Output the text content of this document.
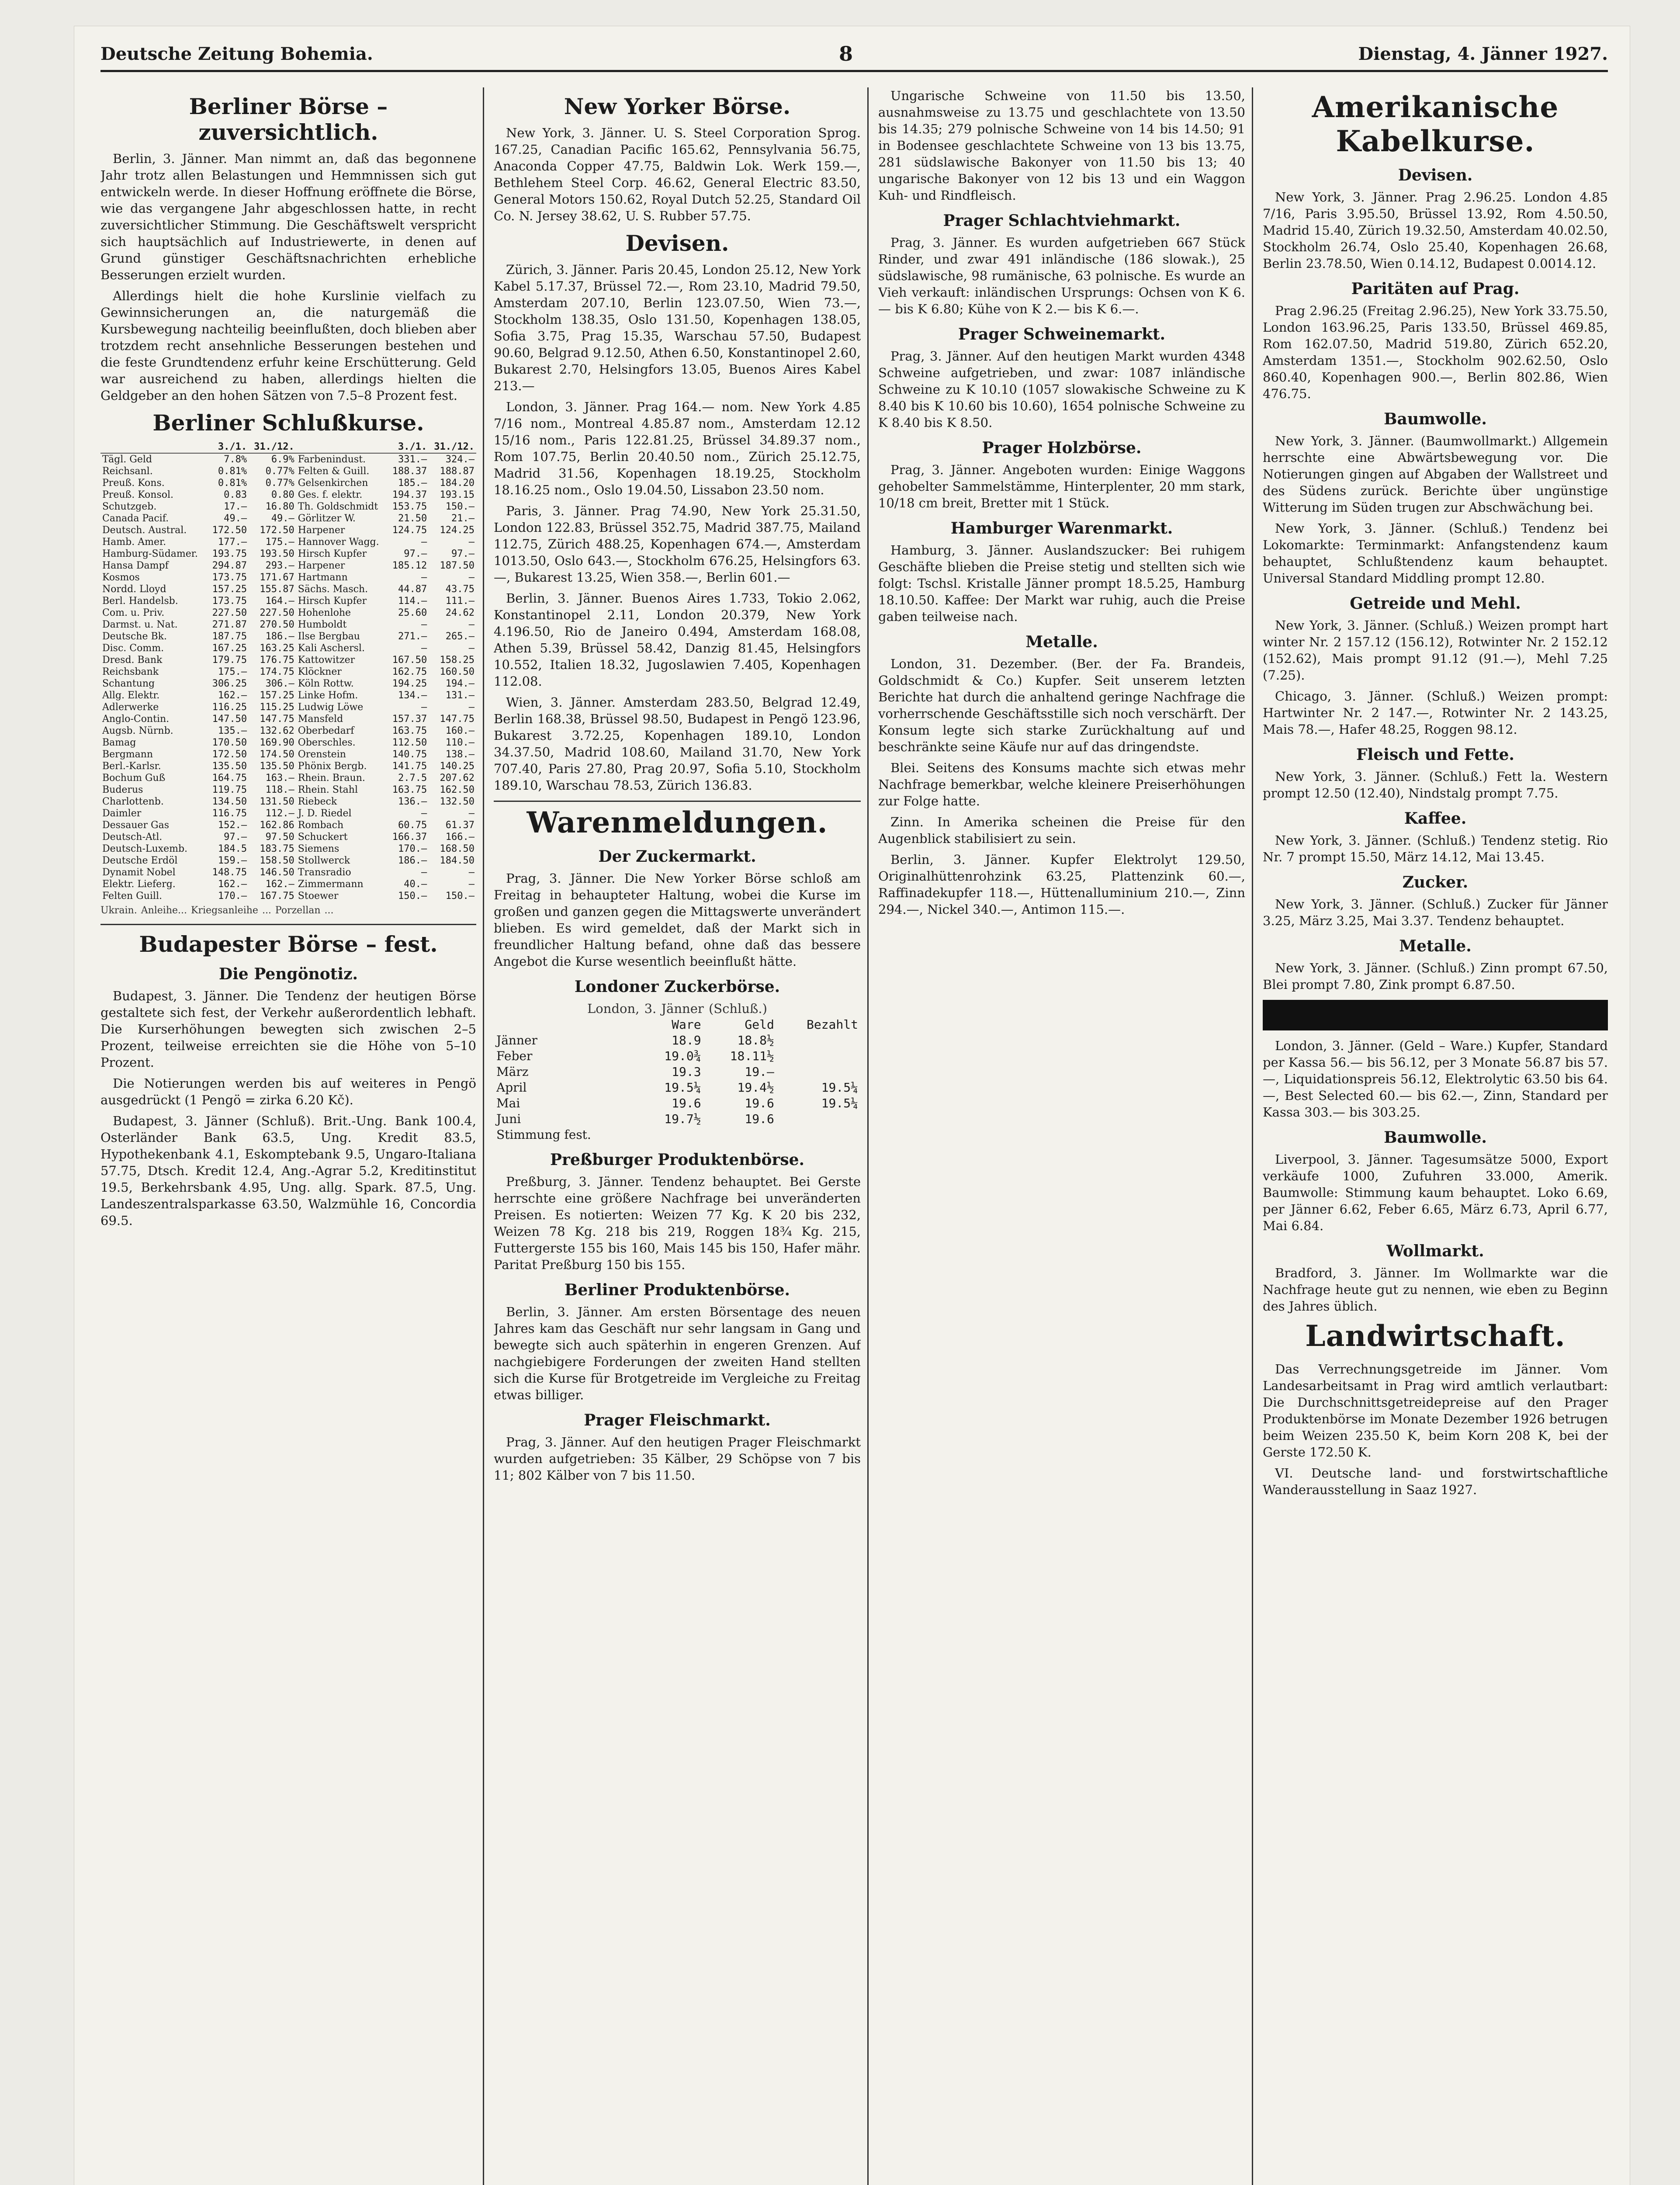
Deutsche Zeitung Bohemia.	8	Dienstag, 4. Jänner 1927.
Berliner Börse – zuversichtlich.

Berlin, 3. Jänner. Man nimmt an, daß das begonnene Jahr trotz allen Belastungen und Hemmnissen sich gut entwickeln werde. In dieser Hoffnung eröffnete die Börse, wie das vergangene Jahr abgeschlossen hatte, in recht zuversichtlicher Stimmung. Die Geschäftswelt verspricht sich hauptsächlich auf Industriewerte, in denen auf Grund günstiger Geschäftsnachrichten erhebliche Besserungen erzielt wurden.

Allerdings hielt die hohe Kurslinie vielfach zu Gewinnsicherungen an, die naturgemäß die Kursbewegung nachteilig beeinflußten, doch blieben aber trotzdem recht ansehnliche Besserungen bestehen und die feste Grundtendenz erfuhr keine Erschütterung. Geld war ausreichend zu haben, allerdings hielten die Geldgeber an den hohen Sätzen von 7.5–8 Prozent fest.

Berliner Schlußkurse.
	3./1.	31./12.		3./1.	31./12.
Tägl. Geld	7.8%	6.9%	Farbenindust.	331.—	324.—
Reichsanl.	0.81%	0.77%	Felten & Guill.	188.37	188.87
Preuß. Kons.	0.81%	0.77%	Gelsenkirchen	185.—	184.20
Preuß. Konsol.	0.83	0.80	Ges. f. elektr.	194.37	193.15
Schutzgeb.	17.—	16.80	Th. Goldschmidt	153.75	150.—
Canada Pacif.	49.—	49.—	Görlitzer W.	21.50	21.—
Deutsch. Austral.	172.50	172.50	Harpener	124.75	124.25
Hamb. Amer.	177.—	175.—	Hannover Wagg.	—	—
Hamburg-Südamer.	193.75	193.50	Hirsch Kupfer	97.—	97.—
Hansa Dampf	294.87	293.—	Harpener	185.12	187.50
Kosmos	173.75	171.67	Hartmann	—	—
Nordd. Lloyd	157.25	155.87	Sächs. Masch.	44.87	43.75
Berl. Handelsb.	173.75	164.—	Hirsch Kupfer	114.—	111.—
Com. u. Priv.	227.50	227.50	Hohenlohe	25.60	24.62
Darmst. u. Nat.	271.87	270.50	Humboldt	—	—
Deutsche Bk.	187.75	186.—	Ilse Bergbau	271.—	265.—
Disc. Comm.	167.25	163.25	Kali Aschersl.	—	—
Dresd. Bank	179.75	176.75	Kattowitzer	167.50	158.25
Reichsbank	175.—	174.75	Klöckner	162.75	160.50
Schantung	306.25	306.—	Köln Rottw.	194.25	194.—
Allg. Elektr.	162.—	157.25	Linke Hofm.	134.—	131.—
Adlerwerke	116.25	115.25	Ludwig Löwe	—	—
Anglo-Contin.	147.50	147.75	Mansfeld	157.37	147.75
Augsb. Nürnb.	135.—	132.62	Oberbedarf	163.75	160.—
Bamag	170.50	169.90	Oberschles.	112.50	110.—
Bergmann	172.50	174.50	Orenstein	140.75	138.—
Berl.-Karlsr.	135.50	135.50	Phönix Bergb.	141.75	140.25
Bochum Guß	164.75	163.—	Rhein. Braun.	2.7.5	207.62
Buderus	119.75	118.—	Rhein. Stahl	163.75	162.50
Charlottenb.	134.50	131.50	Riebeck	136.—	132.50
Daimler	116.75	112.—	J. D. Riedel	—	—
Dessauer Gas	152.—	162.86	Rombach	60.75	61.37
Deutsch-Atl.	97.—	97.50	Schuckert	166.37	166.—
Deutsch-Luxemb.	184.5	183.75	Siemens	170.—	168.50
Deutsche Erdöl	159.—	158.50	Stollwerck	186.—	184.50
Dynamit Nobel	148.75	146.50	Transradio	—	—
Elektr. Lieferg.	162.—	162.—	Zimmermann	40.—	—
Felten Guill.	170.—	167.75	Stoewer	150.—	150.—
Ukrain. Anleihe... Kriegsanleihe ... Porzellan ...
Budapester Börse – fest.
Die Pengönotiz.

Budapest, 3. Jänner. Die Tendenz der heutigen Börse gestaltete sich fest, der Verkehr außerordentlich lebhaft. Die Kurserhöhungen bewegten sich zwischen 2–5 Prozent, teilweise erreichten sie die Höhe von 5–10 Prozent.

Die Notierungen werden bis auf weiteres in Pengö ausgedrückt (1 Pengö = zirka 6.20 Kč).

Budapest, 3. Jänner (Schluß). Brit.-Ung. Bank 100.4, Osterländer Bank 63.5, Ung. Kredit 83.5, Hypothekenbank 4.1, Eskomptebank 9.5, Ungaro-Italiana 57.75, Dtsch. Kredit 12.4, Ang.-Agrar 5.2, Kreditinstitut 19.5, Berkehrsbank 4.95, Ung. allg. Spark. 87.5, Ung. Landeszentralsparkasse 63.50, Walzmühle 16, Concordia 69.5.

New Yorker Börse.

New York, 3. Jänner. U. S. Steel Corporation Sprog. 167.25, Canadian Pacific 165.62, Pennsylvania 56.75, Anaconda Copper 47.75, Baldwin Lok. Werk 159.—, Bethlehem Steel Corp. 46.62, General Electric 83.50, General Motors 150.62, Royal Dutch 52.25, Standard Oil Co. N. Jersey 38.62, U. S. Rubber 57.75.

Devisen.

Zürich, 3. Jänner. Paris 20.45, London 25.12, New York Kabel 5.17.37, Brüssel 72.—, Rom 23.10, Madrid 79.50, Amsterdam 207.10, Berlin 123.07.50, Wien 73.—, Stockholm 138.35, Oslo 131.50, Kopenhagen 138.05, Sofia 3.75, Prag 15.35, Warschau 57.50, Budapest 90.60, Belgrad 9.12.50, Athen 6.50, Konstantinopel 2.60, Bukarest 2.70, Helsingfors 13.05, Buenos Aires Kabel 213.—

London, 3. Jänner. Prag 164.— nom. New York 4.85 7/16 nom., Montreal 4.85.87 nom., Amsterdam 12.12 15/16 nom., Paris 122.81.25, Brüssel 34.89.37 nom., Rom 107.75, Berlin 20.40.50 nom., Zürich 25.12.75, Madrid 31.56, Kopenhagen 18.19.25, Stockholm 18.16.25 nom., Oslo 19.04.50, Lissabon 23.50 nom.

Paris, 3. Jänner. Prag 74.90, New York 25.31.50, London 122.83, Brüssel 352.75, Madrid 387.75, Mailand 112.75, Zürich 488.25, Kopenhagen 674.—, Amsterdam 1013.50, Oslo 643.—, Stockholm 676.25, Helsingfors 63.—, Bukarest 13.25, Wien 358.—, Berlin 601.—

Berlin, 3. Jänner. Buenos Aires 1.733, Tokio 2.062, Konstantinopel 2.11, London 20.379, New York 4.196.50, Rio de Janeiro 0.494, Amsterdam 168.08, Athen 5.39, Brüssel 58.42, Danzig 81.45, Helsingfors 10.552, Italien 18.32, Jugoslawien 7.405, Kopenhagen 112.08.

Wien, 3. Jänner. Amsterdam 283.50, Belgrad 12.49, Berlin 168.38, Brüssel 98.50, Budapest in Pengö 123.96, Bukarest 3.72.25, Kopenhagen 189.10, London 34.37.50, Madrid 108.60, Mailand 31.70, New York 707.40, Paris 27.80, Prag 20.97, Sofia 5.10, Stockholm 189.10, Warschau 78.53, Zürich 136.83.

Warenmeldungen.
Der Zuckermarkt.

Prag, 3. Jänner. Die New Yorker Börse schloß am Freitag in behaupteter Haltung, wobei die Kurse im großen und ganzen gegen die Mittagswerte unverändert blieben. Es wird gemeldet, daß der Markt sich in freundlicher Haltung befand, ohne daß das bessere Angebot die Kurse wesentlich beeinflußt hätte.

Londoner Zuckerbörse.
London, 3. Jänner (Schluß.)
	Ware	Geld	Bezahlt
Jänner	18.9	18.8½	
Feber	19.0¾	18.11½	
März	19.3	19.—	
April	19.5¼	19.4½	19.5¼
Mai	19.6	19.6	19.5¼
Juni	19.7½	19.6	
Stimmung fest.			
Preßburger Produktenbörse.

Preßburg, 3. Jänner. Tendenz behauptet. Bei Gerste herrschte eine größere Nachfrage bei unveränderten Preisen. Es notierten: Weizen 77 Kg. K 20 bis 232, Weizen 78 Kg. 218 bis 219, Roggen 18¾ Kg. 215, Futtergerste 155 bis 160, Mais 145 bis 150, Hafer mähr. Paritat Preßburg 150 bis 155.

Berliner Produktenbörse.

Berlin, 3. Jänner. Am ersten Börsentage des neuen Jahres kam das Geschäft nur sehr langsam in Gang und bewegte sich auch späterhin in engeren Grenzen. Auf nachgiebigere Forderungen der zweiten Hand stellten sich die Kurse für Brotgetreide im Vergleiche zu Freitag etwas billiger.

Prager Fleischmarkt.

Prag, 3. Jänner. Auf den heutigen Prager Fleischmarkt wurden aufgetrieben: 35 Kälber, 29 Schöpse von 7 bis 11; 802 Kälber von 7 bis 11.50.

Ungarische Schweine von 11.50 bis 13.50, ausnahmsweise zu 13.75 und geschlachtete von 13.50 bis 14.35; 279 polnische Schweine von 14 bis 14.50; 91 in Bodensee geschlachtete Schweine von 13 bis 13.75, 281 südslawische Bakonyer von 11.50 bis 13; 40 ungarische Bakonyer von 12 bis 13 und ein Waggon Kuh- und Rindfleisch.

Prager Schlachtviehmarkt.

Prag, 3. Jänner. Es wurden aufgetrieben 667 Stück Rinder, und zwar 491 inländische (186 slowak.), 25 südslawische, 98 rumänische, 63 polnische. Es wurde an Vieh verkauft: inländischen Ursprungs: Ochsen von K 6.— bis K 6.80; Kühe von K 2.— bis K 6.—.

Prager Schweinemarkt.

Prag, 3. Jänner. Auf den heutigen Markt wurden 4348 Schweine aufgetrieben, und zwar: 1087 inländische Schweine zu K 10.10 (1057 slowakische Schweine zu K 8.40 bis K 10.60 bis 10.60), 1654 polnische Schweine zu K 8.40 bis K 8.50.

Prager Holzbörse.

Prag, 3. Jänner. Angeboten wurden: Einige Waggons gehobelter Sammelstämme, Hinterplenter, 20 mm stark, 10/18 cm breit, Bretter mit 1 Stück.

Hamburger Warenmarkt.

Hamburg, 3. Jänner. Auslandszucker: Bei ruhigem Geschäfte blieben die Preise stetig und stellten sich wie folgt: Tschsl. Kristalle Jänner prompt 18.5.25, Hamburg 18.10.50. Kaffee: Der Markt war ruhig, auch die Preise gaben teilweise nach.

Metalle.

London, 31. Dezember. (Ber. der Fa. Brandeis, Goldschmidt & Co.) Kupfer. Seit unserem letzten Berichte hat durch die anhaltend geringe Nachfrage die vorherrschende Geschäftsstille sich noch verschärft. Der Konsum legte sich starke Zurückhaltung auf und beschränkte seine Käufe nur auf das dringendste.

Blei. Seitens des Konsums machte sich etwas mehr Nachfrage bemerkbar, welche kleinere Preiserhöhungen zur Folge hatte.

Zinn. In Amerika scheinen die Preise für den Augenblick stabilisiert zu sein.

Berlin, 3. Jänner. Kupfer Elektrolyt 129.50, Originalhüttenrohzink 63.25, Plattenzink 60.—, Raffinadekupfer 118.—, Hüttenalluminium 210.—, Zinn 294.—, Nickel 340.—, Antimon 115.—.

Amerikanische Kabelkurse.
Devisen.

New York, 3. Jänner. Prag 2.96.25. London 4.85 7/16, Paris 3.95.50, Brüssel 13.92, Rom 4.50.50, Madrid 15.40, Zürich 19.32.50, Amsterdam 40.02.50, Stockholm 26.74, Oslo 25.40, Kopenhagen 26.68, Berlin 23.78.50, Wien 0.14.12, Budapest 0.0014.12.

Paritäten auf Prag.

Prag 2.96.25 (Freitag 2.96.25), New York 33.75.50, London 163.96.25, Paris 133.50, Brüssel 469.85, Rom 162.07.50, Madrid 519.80, Zürich 652.20, Amsterdam 1351.—, Stockholm 902.62.50, Oslo 860.40, Kopenhagen 900.—, Berlin 802.86, Wien 476.75.

Baumwolle.

New York, 3. Jänner. (Baumwollmarkt.) Allgemein herrschte eine Abwärtsbewegung vor. Die Notierungen gingen auf Abgaben der Wallstreet und des Südens zurück. Berichte über ungünstige Witterung im Süden trugen zur Abschwächung bei.

New York, 3. Jänner. (Schluß.) Tendenz bei Lokomarkte: Terminmarkt: Anfangstendenz kaum behauptet, Schlußtendenz kaum behauptet. Universal Standard Middling prompt 12.80.

Getreide und Mehl.

New York, 3. Jänner. (Schluß.) Weizen prompt hart winter Nr. 2 157.12 (156.12), Rotwinter Nr. 2 152.12 (152.62), Mais prompt 91.12 (91.—), Mehl 7.25 (7.25).

Chicago, 3. Jänner. (Schluß.) Weizen prompt: Hartwinter Nr. 2 147.—, Rotwinter Nr. 2 143.25, Mais 78.—, Hafer 48.25, Roggen 98.12.

Fleisch und Fette.

New York, 3. Jänner. (Schluß.) Fett la. Western prompt 12.50 (12.40), Nindstalg prompt 7.75.

Kaffee.

New York, 3. Jänner. (Schluß.) Tendenz stetig. Rio Nr. 7 prompt 15.50, März 14.12, Mai 13.45.

Zucker.

New York, 3. Jänner. (Schluß.) Zucker für Jänner 3.25, März 3.25, Mai 3.37. Tendenz behauptet.

Metalle.

New York, 3. Jänner. (Schluß.) Zinn prompt 67.50, Blei prompt 7.80, Zink prompt 6.87.50.

London, 3. Jänner. (Geld – Ware.) Kupfer, Standard per Kassa 56.— bis 56.12, per 3 Monate 56.87 bis 57.—, Liquidationspreis 56.12, Elektrolytic 63.50 bis 64.—, Best Selected 60.— bis 62.—, Zinn, Standard per Kassa 303.— bis 303.25.

Baumwolle.

Liverpool, 3. Jänner. Tagesumsätze 5000, Export verkäufe 1000, Zufuhren 33.000, Amerik. Baumwolle: Stimmung kaum behauptet. Loko 6.69, per Jänner 6.62, Feber 6.65, März 6.73, April 6.77, Mai 6.84.

Wollmarkt.

Bradford, 3. Jänner. Im Wollmarkte war die Nachfrage heute gut zu nennen, wie eben zu Beginn des Jahres üblich.

Landwirtschaft.

Das Verrechnungsgetreide im Jänner. Vom Landesarbeitsamt in Prag wird amtlich verlautbart: Die Durchschnittsgetreidepreise auf den Prager Produktenbörse im Monate Dezember 1926 betrugen beim Weizen 235.50 K, beim Korn 208 K, bei der Gerste 172.50 K.

VI. Deutsche land- und forstwirtschaftliche Wanderausstellung in Saaz 1927.
